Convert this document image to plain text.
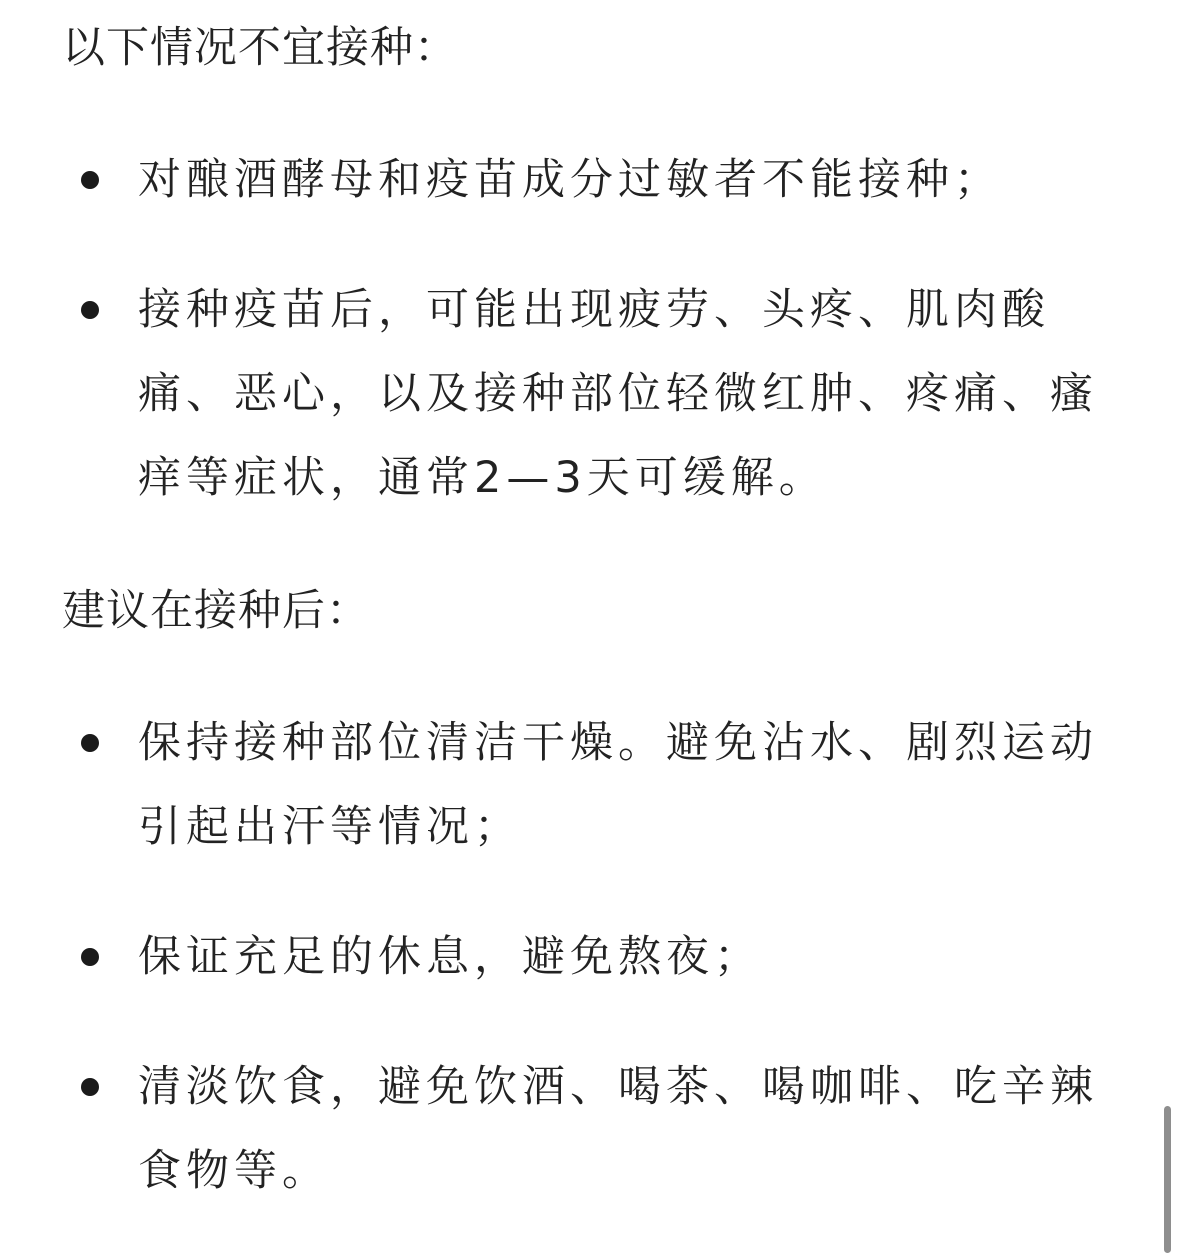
以下情况不宜接种：
对酿酒酵母和疫苗成分过敏者不能接种；
接种疫苗后，可能出现疲劳、头疼、肌肉酸痛、恶心，以及接种部位轻微红肿、疼痛、瘙痒等症状，通常2—3天可缓解。
建议在接种后：
保持接种部位清洁干燥。避免沾水、剧烈运动引起出汗等情况；
保证充足的休息，避免熬夜；
清淡饮食，避免饮酒、喝茶、喝咖啡、吃辛辣食物等。
